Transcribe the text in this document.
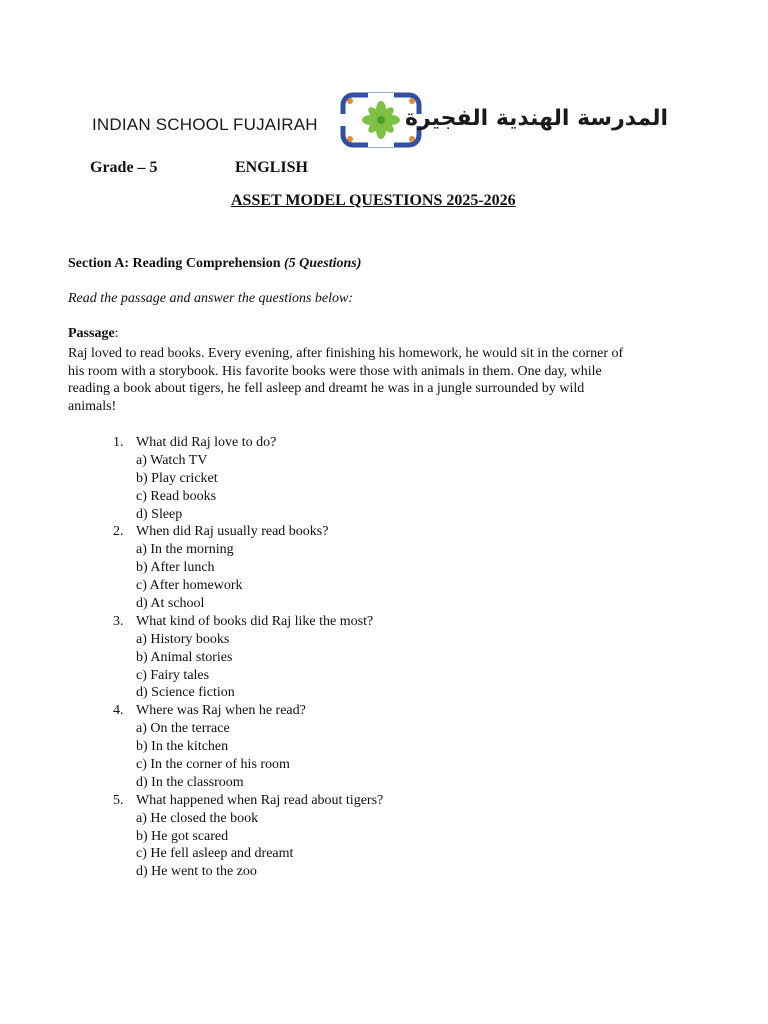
INDIAN SCHOOL FUJAIRAH	المدرسة الهندية الفجيرة
Grade – 5	ENGLISH
ASSET MODEL QUESTIONS 2025-2026
Section A: Reading Comprehension (5 Questions)
Read the passage and answer the questions below:
Passage:
Raj loved to read books. Every evening, after finishing his homework, he would sit in the corner of
his room with a storybook. His favorite books were those with animals in them. One day, while
reading a book about tigers, he fell asleep and dreamt he was in a jungle surrounded by wild
animals!
1. What did Raj love to do?
a) Watch TV
b) Play cricket
c) Read books
d) Sleep
2. When did Raj usually read books?
a) In the morning
b) After lunch
c) After homework
d) At school
3. What kind of books did Raj like the most?
a) History books
b) Animal stories
c) Fairy tales
d) Science fiction
4. Where was Raj when he read?
a) On the terrace
b) In the kitchen
c) In the corner of his room
d) In the classroom
5. What happened when Raj read about tigers?
a) He closed the book
b) He got scared
c) He fell asleep and dreamt
d) He went to the zoo
